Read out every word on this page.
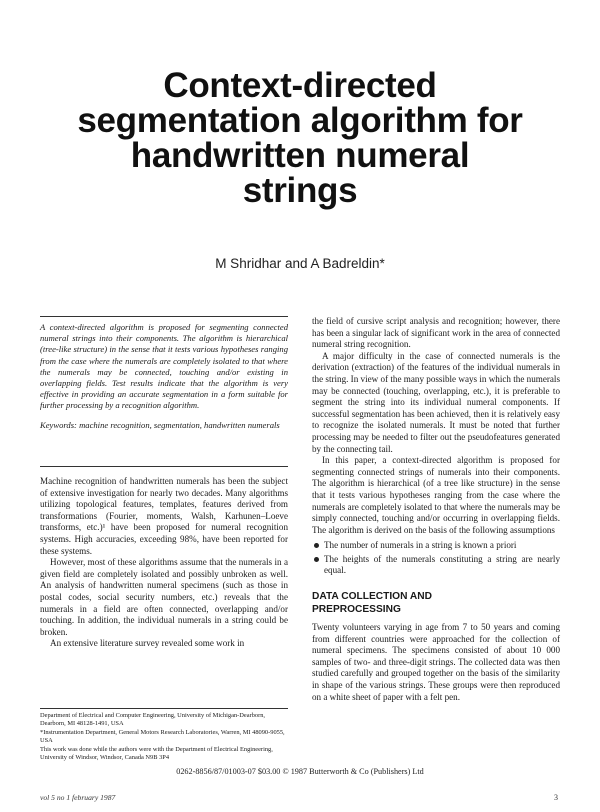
Context-directed
segmentation algorithm for
handwritten numeral
strings
M Shridhar and A Badreldin*

A context-directed algorithm is proposed for segmenting connected numeral strings into their components. The algorithm is hierarchical (tree-like structure) in the sense that it tests various hypotheses ranging from the case where the numerals are completely isolated to that where the numerals may be connected, touching and/or existing in overlapping fields. Test results indicate that the algorithm is very effective in providing an accurate segmentation in a form suitable for further processing by a recognition algorithm.

Keywords: machine recognition, segmentation, handwritten numerals

Machine recognition of handwritten numerals has been the subject of extensive investigation for nearly two decades. Many algorithms utilizing topological features, templates, features derived from transformations (Fourier, moments, Walsh, Karhunen–Loeve transforms, etc.)¹ have been proposed for numeral recognition systems. High accuracies, exceeding 98%, have been reported for these systems.

However, most of these algorithms assume that the numerals in a given field are completely isolated and possibly unbroken as well. An analysis of handwritten numeral specimens (such as those in postal codes, social security numbers, etc.) reveals that the numerals in a field are often connected, overlapping and/or touching. In addition, the individual numerals in a string could be broken.

An extensive literature survey revealed some work in

Department of Electrical and Computer Engineering, University of Michigan-Dearborn, Dearborn, MI 48128-1491, USA

*Instrumentation Department, General Motors Research Laboratories, Warren, MI 48090-9055, USA

This work was done while the authors were with the Department of Electrical Engineering, University of Windsor, Windsor, Canada N9B 3P4

the field of cursive script analysis and recognition; however, there has been a singular lack of significant work in the area of connected numeral string recognition.

A major difficulty in the case of connected numerals is the derivation (extraction) of the features of the individual numerals in the string. In view of the many possible ways in which the numerals may be connected (touching, overlapping, etc.), it is preferable to segment the string into its individual numeral components. If successful segmentation has been achieved, then it is relatively easy to recognize the isolated numerals. It must be noted that further processing may be needed to filter out the pseudofeatures generated by the connecting tail.

In this paper, a context-directed algorithm is proposed for segmenting connected strings of numerals into their components. The algorithm is hierarchical (of a tree like structure) in the sense that it tests various hypotheses ranging from the case where the numerals are completely isolated to that where the numerals may be simply connected, touching and/or occurring in overlapping fields. The algorithm is derived on the basis of the following assumptions

The number of numerals in a string is known a priori
The heights of the numerals constituting a string are nearly equal.

DATA COLLECTION AND
PREPROCESSING

Twenty volunteers varying in age from 7 to 50 years and coming from different countries were approached for the collection of numeral specimens. The specimens consisted of about 10 000 samples of two- and three-digit strings. The collected data was then studied carefully and grouped together on the basis of the similarity in shape of the various strings. These groups were then reproduced on a white sheet of paper with a felt pen.

0262-8856/87/01003-07 $03.00 © 1987 Butterworth & Co (Publishers) Ltd
vol 5 no 1 february 1987	3
